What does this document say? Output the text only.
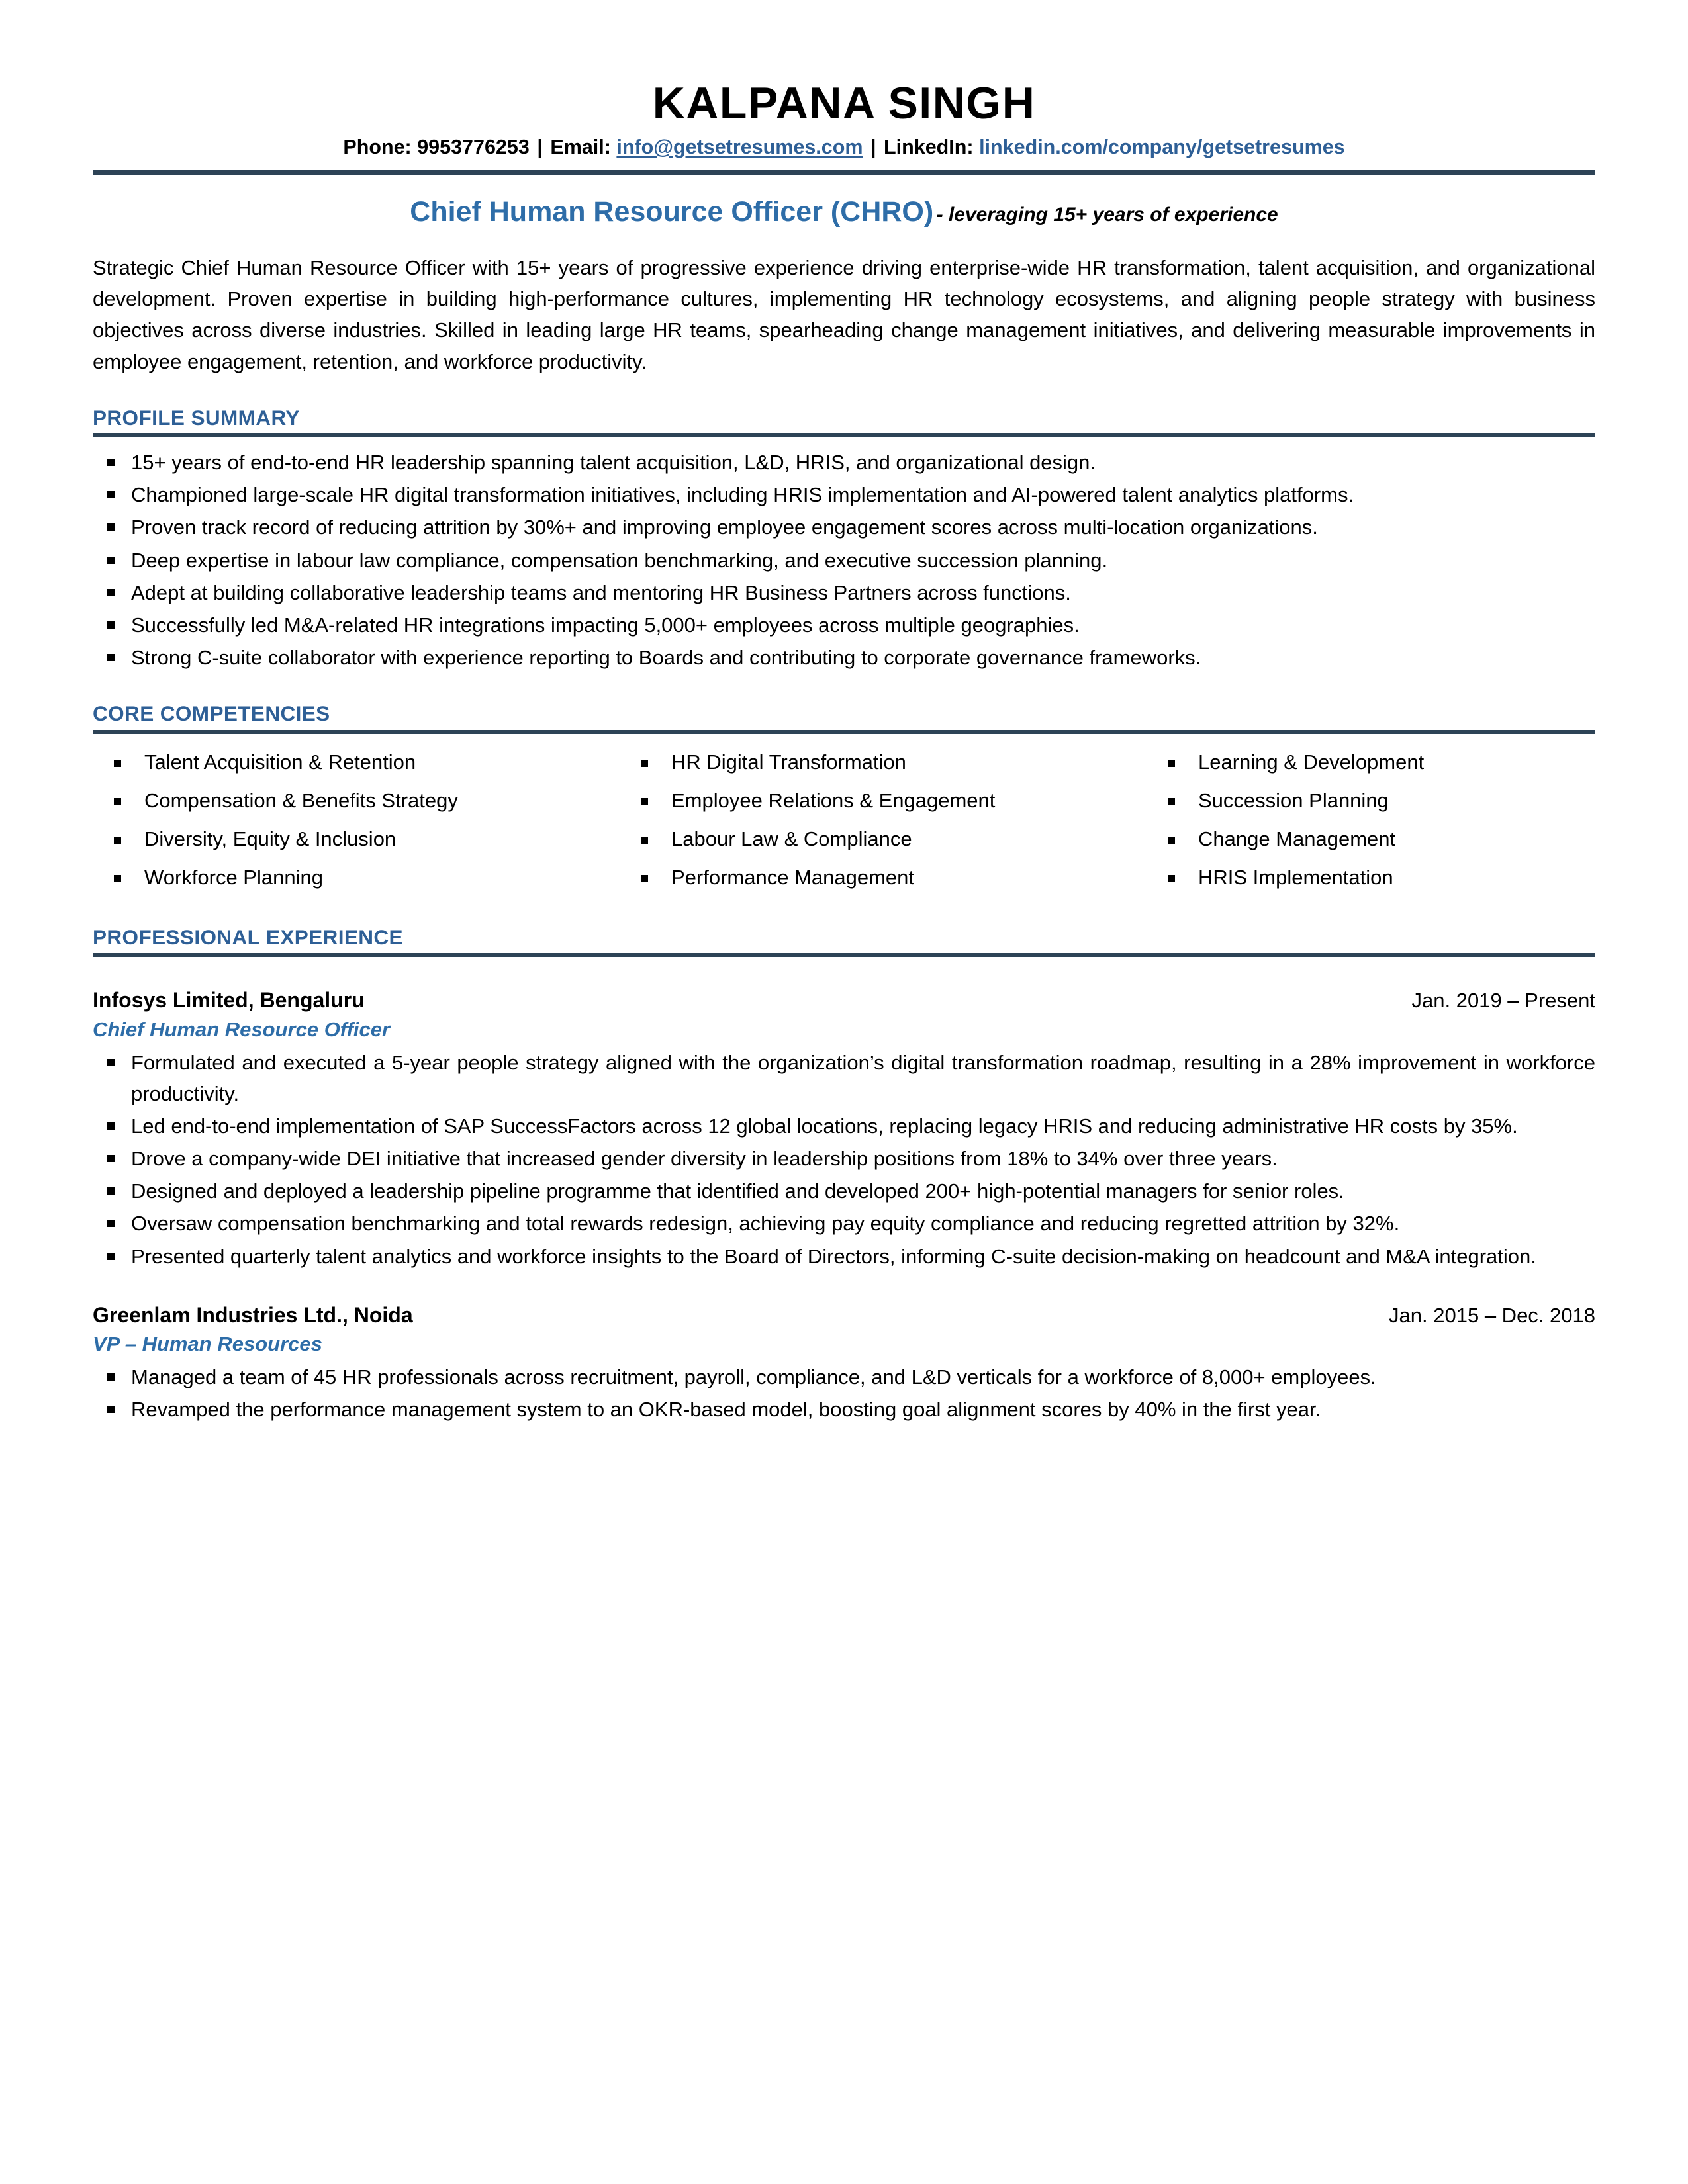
KALPANA SINGH
Phone: 9953776253 | Email: info@getsetresumes.com | LinkedIn: linkedin.com/company/getsetresumes
Chief Human Resource Officer (CHRO) - leveraging 15+ years of experience

Strategic Chief Human Resource Officer with 15+ years of progressive experience driving enterprise-wide HR transformation, talent acquisition, and organizational development. Proven expertise in building high-performance cultures, implementing HR technology ecosystems, and aligning people strategy with business objectives across diverse industries. Skilled in leading large HR teams, spearheading change management initiatives, and delivering measurable improvements in employee engagement, retention, and workforce productivity.

PROFILE SUMMARY
15+ years of end-to-end HR leadership spanning talent acquisition, L&D, HRIS, and organizational design.
Championed large-scale HR digital transformation initiatives, including HRIS implementation and AI-powered talent analytics platforms.
Proven track record of reducing attrition by 30%+ and improving employee engagement scores across multi-location organizations.
Deep expertise in labour law compliance, compensation benchmarking, and executive succession planning.
Adept at building collaborative leadership teams and mentoring HR Business Partners across functions.
Successfully led M&A-related HR integrations impacting 5,000+ employees across multiple geographies.
Strong C-suite collaborator with experience reporting to Boards and contributing to corporate governance frameworks.
CORE COMPETENCIES
Talent Acquisition & Retention	HR Digital Transformation	Learning & Development
Compensation & Benefits Strategy	Employee Relations & Engagement	Succession Planning
Diversity, Equity & Inclusion	Labour Law & Compliance	Change Management
Workforce Planning	Performance Management	HRIS Implementation
PROFESSIONAL EXPERIENCE
Infosys Limited, Bengaluru	Jan. 2019 – Present
Chief Human Resource Officer
Formulated and executed a 5-year people strategy aligned with the organization’s digital transformation roadmap, resulting in a 28% improvement in workforce productivity.
Led end-to-end implementation of SAP SuccessFactors across 12 global locations, replacing legacy HRIS and reducing administrative HR costs by 35%.
Drove a company-wide DEI initiative that increased gender diversity in leadership positions from 18% to 34% over three years.
Designed and deployed a leadership pipeline programme that identified and developed 200+ high-potential managers for senior roles.
Oversaw compensation benchmarking and total rewards redesign, achieving pay equity compliance and reducing regretted attrition by 32%.
Presented quarterly talent analytics and workforce insights to the Board of Directors, informing C-suite decision-making on headcount and M&A integration.
Greenlam Industries Ltd., Noida	Jan. 2015 – Dec. 2018
VP – Human Resources
Managed a team of 45 HR professionals across recruitment, payroll, compliance, and L&D verticals for a workforce of 8,000+ employees.
Revamped the performance management system to an OKR-based model, boosting goal alignment scores by 40% in the first year.
